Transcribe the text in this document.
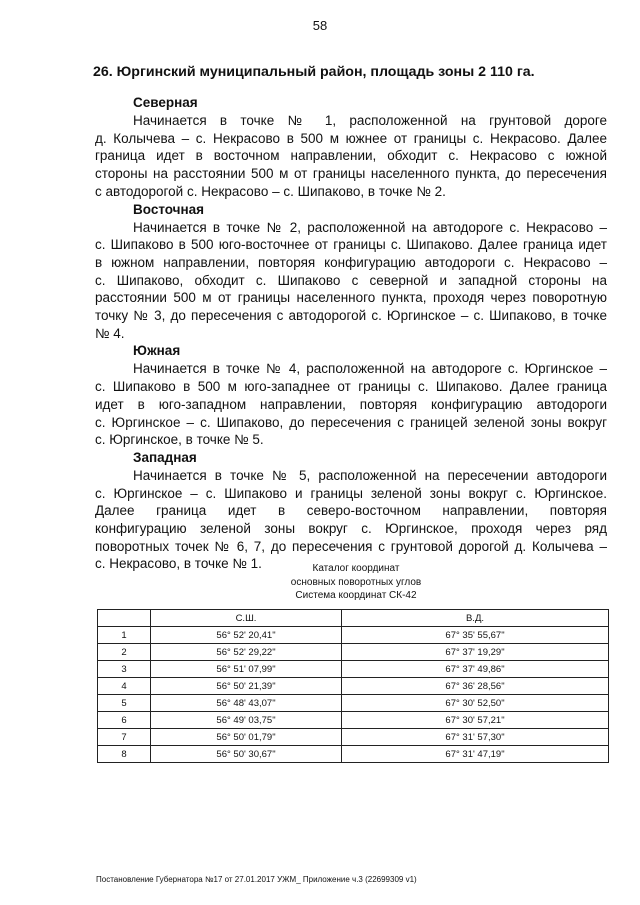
58
26. Юргинский муниципальный район, площадь зоны 2 110 га.
Северная
Начинается в точке № 1, расположенной на грунтовой дороге
д. Колычева – с. Некрасово в 500 м южнее от границы с. Некрасово. Далее
граница идет в восточном направлении, обходит с. Некрасово с южной
стороны на расстоянии 500 м от границы населенного пункта, до пересечения
с автодорогой с. Некрасово – с. Шипаково, в точке № 2.
Восточная
Начинается в точке № 2, расположенной на автодороге с. Некрасово –
с. Шипаково в 500 юго-восточнее от границы с. Шипаково. Далее граница идет
в южном направлении, повторяя конфигурацию автодороги с. Некрасово –
с. Шипаково, обходит с. Шипаково с северной и западной стороны на
расстоянии 500 м от границы населенного пункта, проходя через поворотную
точку № 3, до пересечения с автодорогой с. Юргинское – с. Шипаково, в точке
№ 4.
Южная
Начинается в точке № 4, расположенной на автодороге с. Юргинское –
с. Шипаково в 500 м юго-западнее от границы с. Шипаково. Далее граница
идет в юго-западном направлении, повторяя конфигурацию автодороги
с. Юргинское – с. Шипаково, до пересечения с границей зеленой зоны вокруг
с. Юргинское, в точке № 5.
Западная
Начинается в точке № 5, расположенной на пересечении автодороги
с. Юргинское – с. Шипаково и границы зеленой зоны вокруг с. Юргинское.
Далее граница идет в северо-восточном направлении, повторяя
конфигурацию зеленой зоны вокруг с. Юргинское, проходя через ряд
поворотных точек № 6, 7, до пересечения с грунтовой дорогой д. Колычева –
с. Некрасово, в точке № 1.	Каталог координат
основных поворотных углов
Система координат СК-42
	С.Ш.	В.Д.
1	56° 52' 20,41"	67° 35' 55,67"
2	56° 52' 29,22"	67° 37' 19,29"
3	56° 51' 07,99"	67° 37' 49,86"
4	56° 50' 21,39"	67° 36' 28,56"
5	56° 48' 43,07"	67° 30' 52,50"
6	56° 49' 03,75"	67° 30' 57,21"
7	56° 50' 01,79"	67° 31' 57,30"
8	56° 50' 30,67"	67° 31' 47,19"
Постановление Губернатора №17 от 27.01.2017 УЖМ_ Приложение ч.3 (22699309 v1)
